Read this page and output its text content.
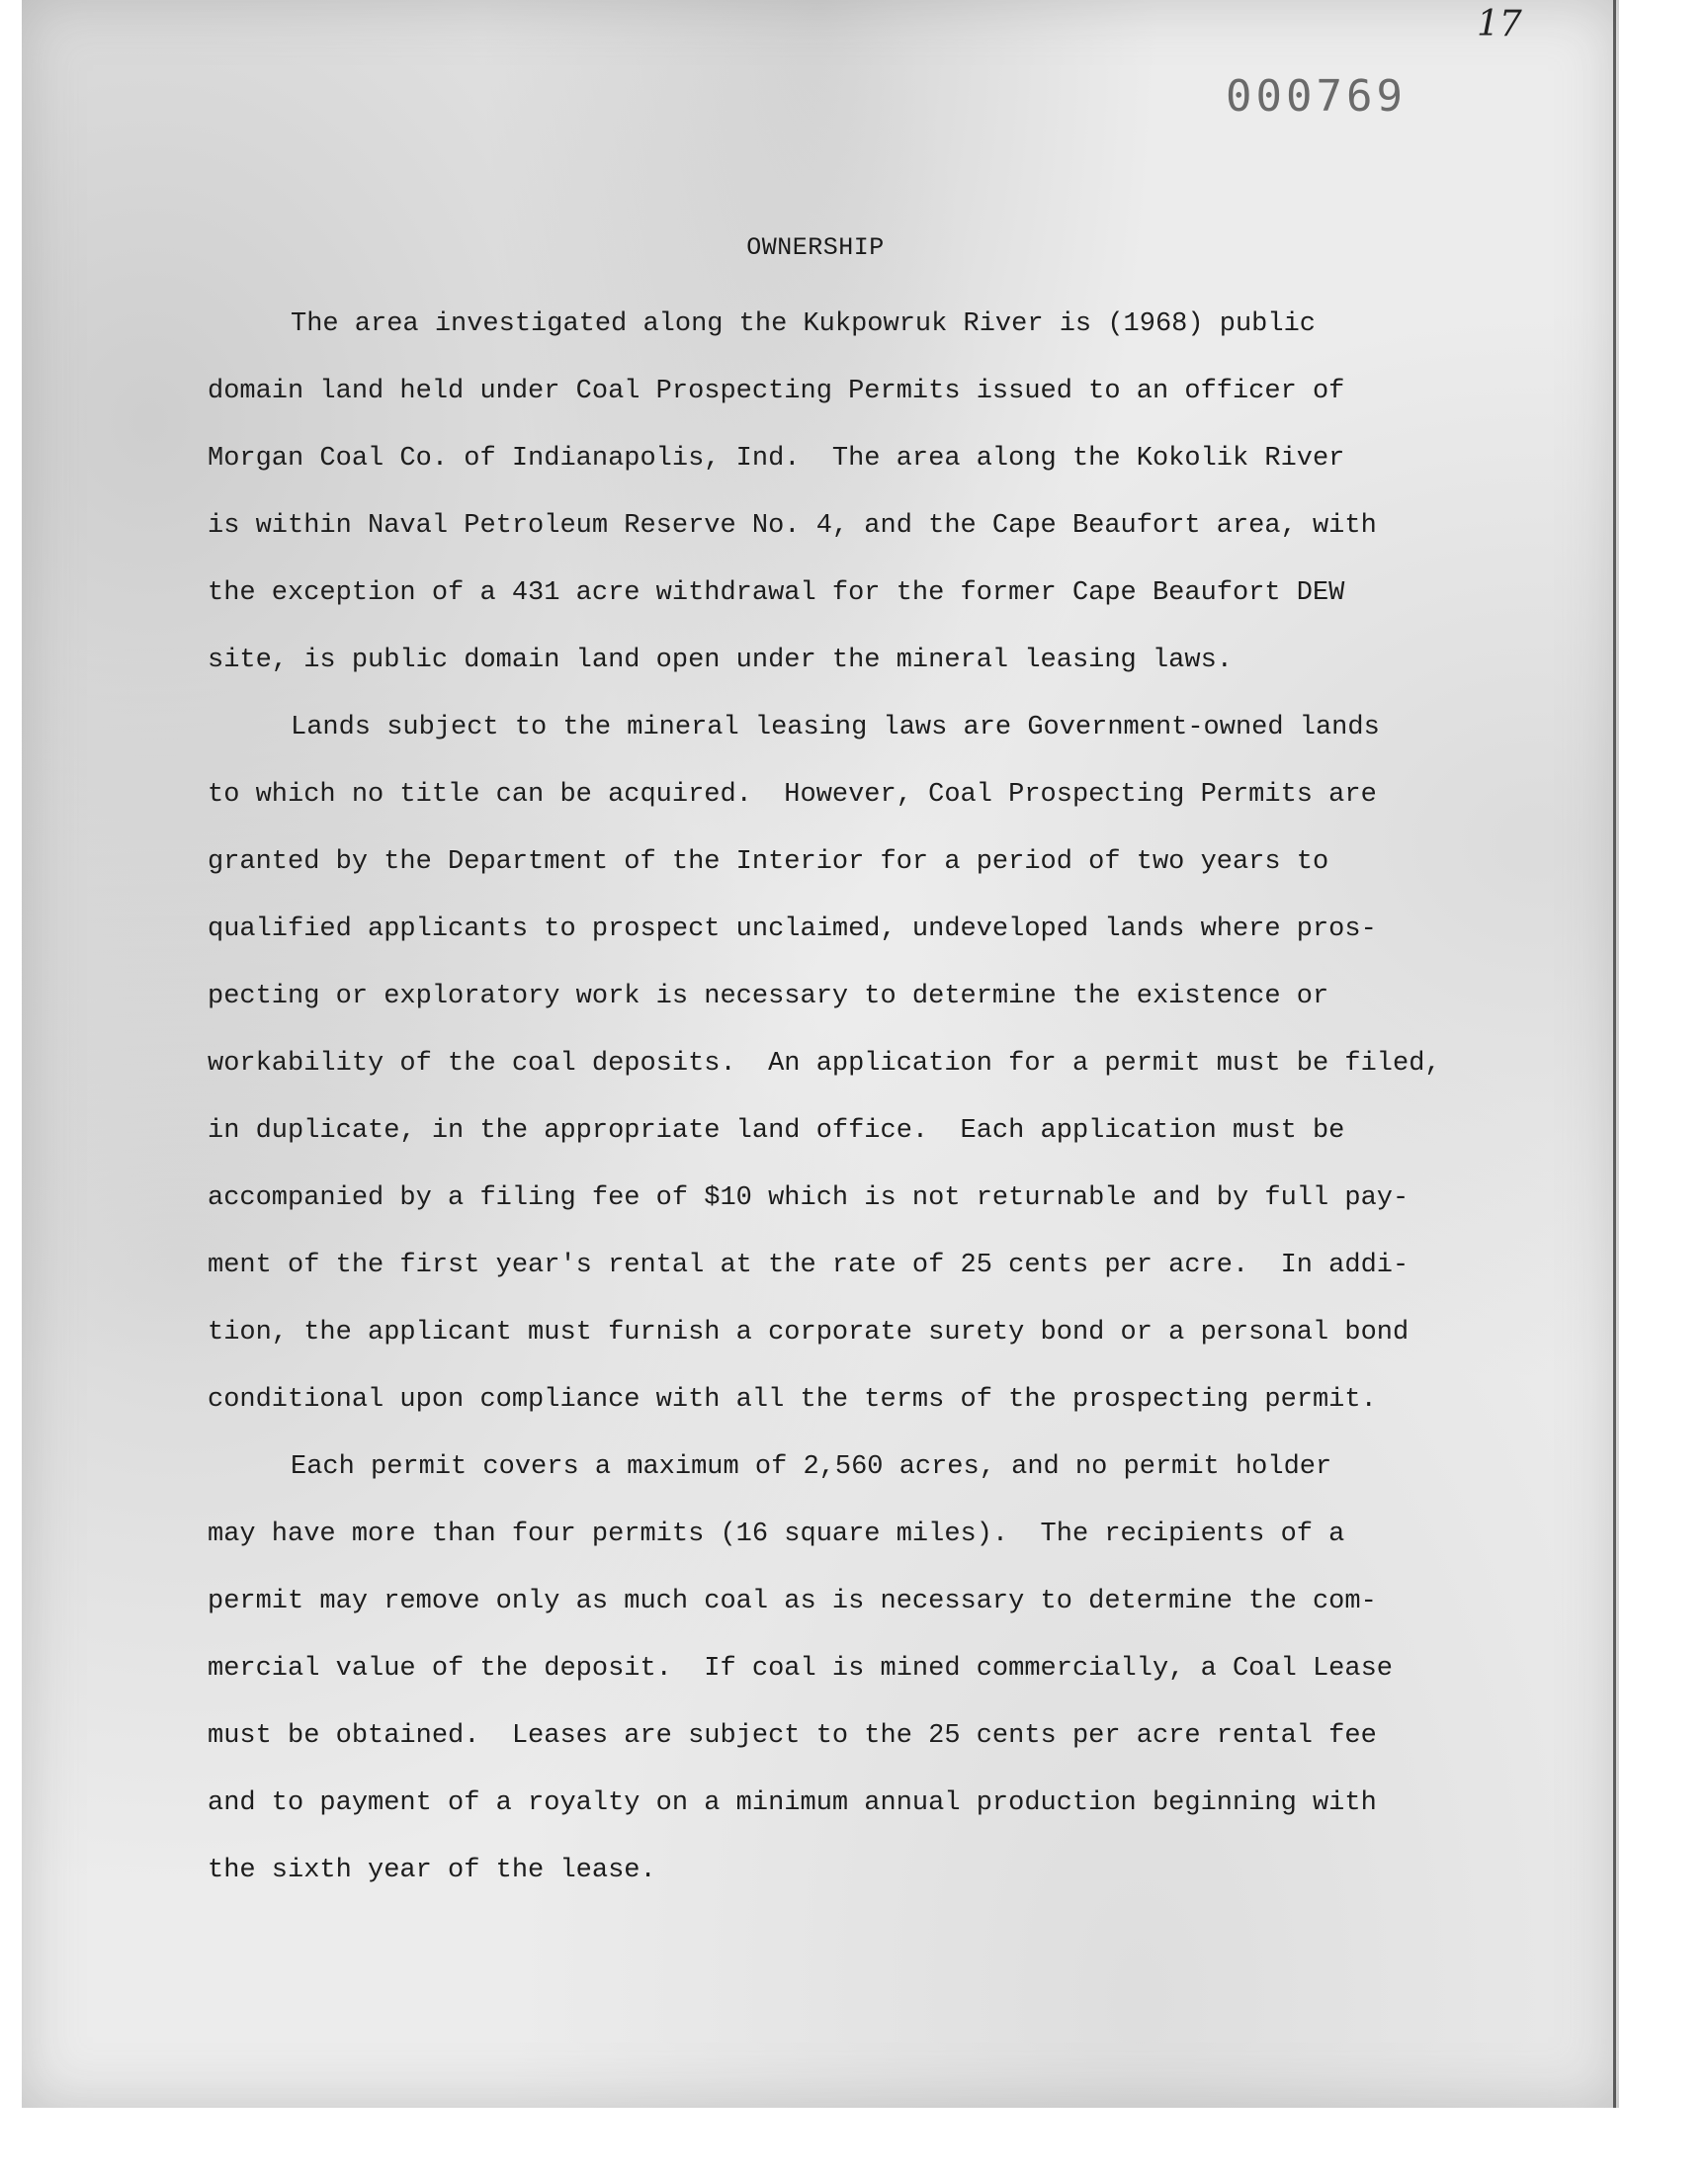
17
000769
OWNERSHIP
The area investigated along the Kukpowruk River is (1968) public
domain land held under Coal Prospecting Permits issued to an officer of
Morgan Coal Co. of Indianapolis, Ind.  The area along the Kokolik River
is within Naval Petroleum Reserve No. 4, and the Cape Beaufort area, with
the exception of a 431 acre withdrawal for the former Cape Beaufort DEW
site, is public domain land open under the mineral leasing laws.
Lands subject to the mineral leasing laws are Government-owned lands
to which no title can be acquired.  However, Coal Prospecting Permits are
granted by the Department of the Interior for a period of two years to
qualified applicants to prospect unclaimed, undeveloped lands where pros-
pecting or exploratory work is necessary to determine the existence or
workability of the coal deposits.  An application for a permit must be filed,
in duplicate, in the appropriate land office.  Each application must be
accompanied by a filing fee of $10 which is not returnable and by full pay-
ment of the first year's rental at the rate of 25 cents per acre.  In addi-
tion, the applicant must furnish a corporate surety bond or a personal bond
conditional upon compliance with all the terms of the prospecting permit.
Each permit covers a maximum of 2,560 acres, and no permit holder
may have more than four permits (16 square miles).  The recipients of a
permit may remove only as much coal as is necessary to determine the com-
mercial value of the deposit.  If coal is mined commercially, a Coal Lease
must be obtained.  Leases are subject to the 25 cents per acre rental fee
and to payment of a royalty on a minimum annual production beginning with
the sixth year of the lease.
